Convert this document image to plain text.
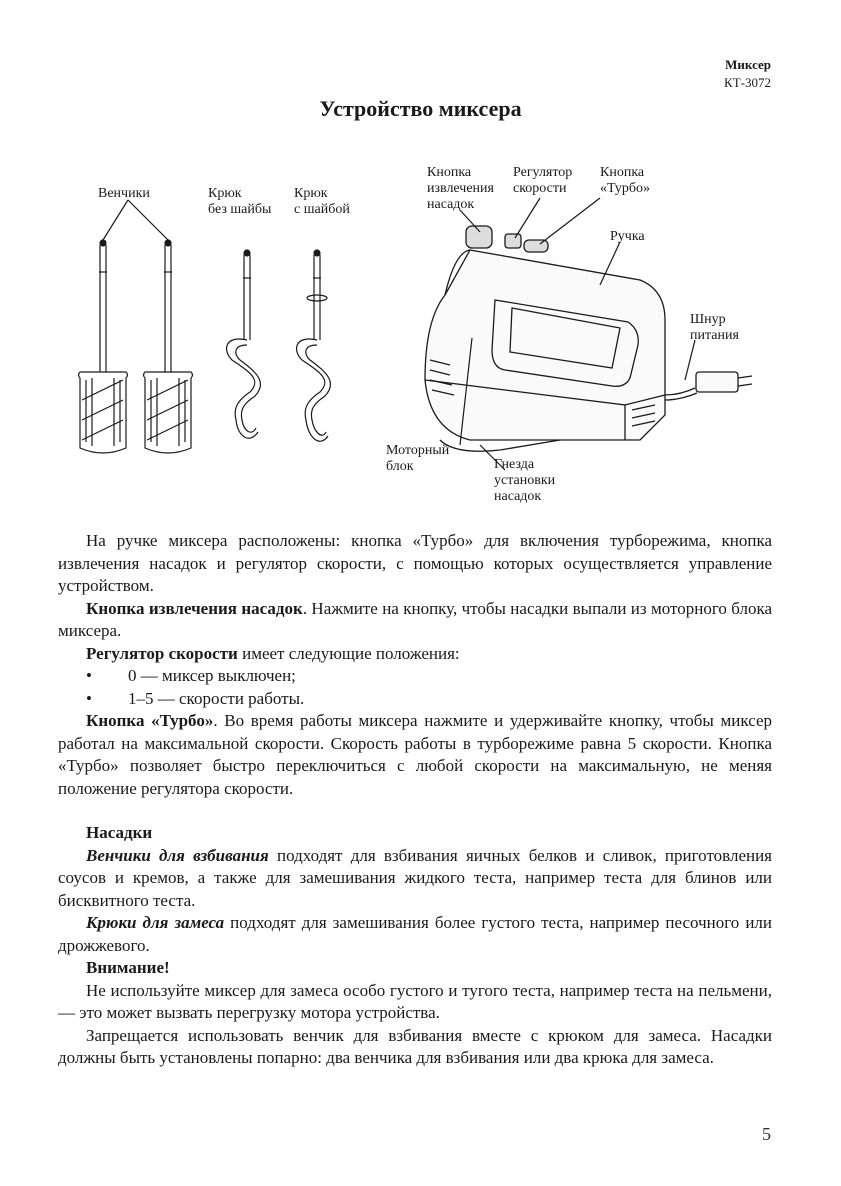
Миксер
КТ-3072
Устройство миксера
Венчики	Крюк
без шайбы
Крюк
с шайбой
Кнопка
извлечения
насадок
Регулятор
скорости
Кнопка
«Турбо»
Ручка
Шнур
питания
Моторный
блок	Гнезда
установки
насадок

На ручке миксера расположены: кнопка «Турбо» для включения турборежима, кнопка извлечения насадок и регулятор скорости, с помощью которых осуществляется управление устройством.

Кнопка извлечения насадок. Нажмите на кнопку, чтобы насадки выпали из моторного блока миксера.

Регулятор скорости имеет следующие положения:

• 0 — миксер выключен;

• 1–5 — скорости работы.

Кнопка «Турбо». Во время работы миксера нажмите и удерживайте кнопку, чтобы миксер работал на максимальной скорости. Скорость работы в турборежиме равна 5 скорости. Кнопка «Турбо» позволяет быстро переключиться с любой скорости на максимальную, не меняя положение регулятора скорости.

Насадки

Венчики для взбивания подходят для взбивания яичных белков и сливок, приготовления соусов и кремов, а также для замешивания жидкого теста, например теста для блинов или бисквитного теста.

Крюки для замеса подходят для замешивания более густого теста, например песочного или дрожжевого.

Внимание!

Не используйте миксер для замеса особо густого и тугого теста, например теста на пельмени, — это может вызвать перегрузку мотора устройства.

Запрещается использовать венчик для взбивания вместе с крюком для замеса. Насадки должны быть установлены попарно: два венчика для взбивания или два крюка для замеса.

5
